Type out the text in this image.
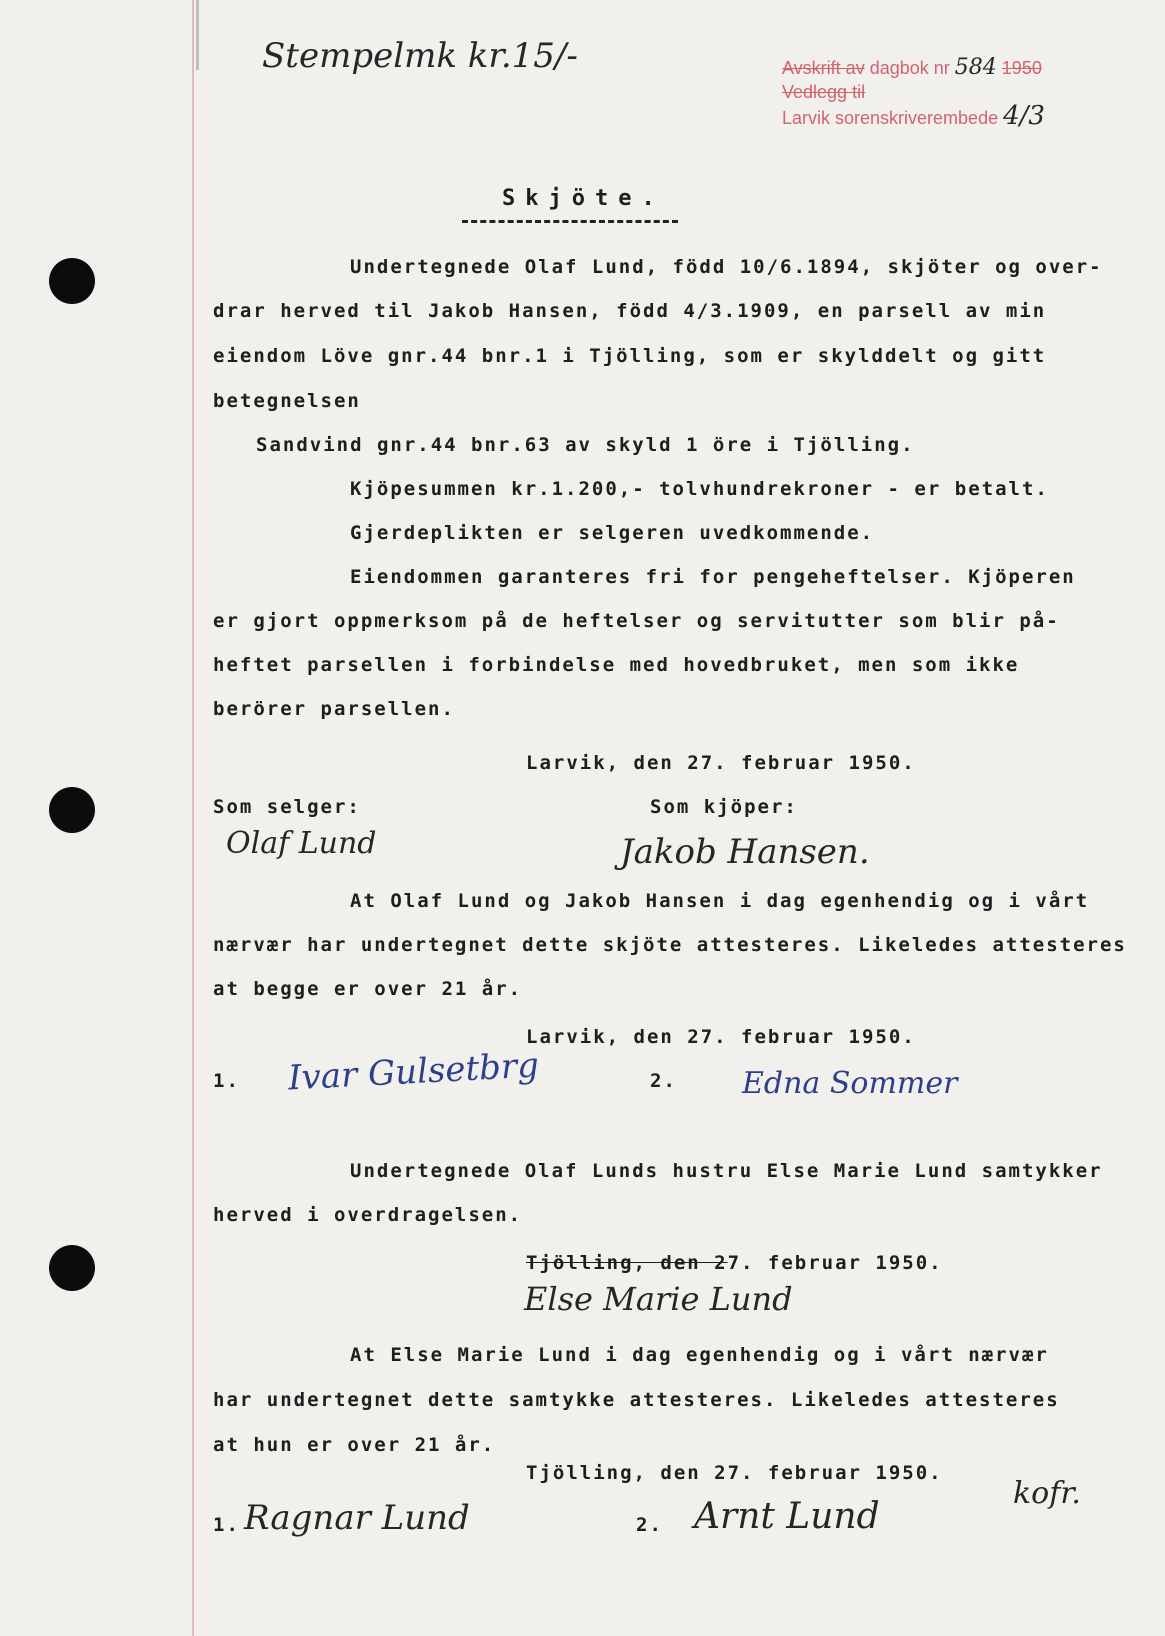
Stempelmk kr.15/-	Avskrift av dagbok nr 584 1950
Vedlegg til
Larvik sorenskriverembede 4/3
Skjöte.
Undertegnede Olaf Lund, född 10/6.1894, skjöter og over-
drar herved til Jakob Hansen, född 4/3.1909, en parsell av min
eiendom Löve gnr.44 bnr.1 i Tjölling, som er skylddelt og gitt
betegnelsen
Sandvind gnr.44 bnr.63 av skyld 1 öre i Tjölling.
Kjöpesummen kr.1.200,- tolvhundrekroner - er betalt.
Gjerdeplikten er selgeren uvedkommende.
Eiendommen garanteres fri for pengeheftelser. Kjöperen
er gjort oppmerksom på de heftelser og servitutter som blir på-
heftet parsellen i forbindelse med hovedbruket, men som ikke
berörer parsellen.
Larvik, den 27. februar 1950.
Som selger:	Som kjöper:
Olaf Lund	Jakob Hansen.
At Olaf Lund og Jakob Hansen i dag egenhendig og i vårt
nærvær har undertegnet dette skjöte attesteres. Likeledes attesteres
at begge er over 21 år.
Larvik, den 27. februar 1950.
1. Ivar Gulsetbrg	2. Edna Sommer
Undertegnede Olaf Lunds hustru Else Marie Lund samtykker
herved i overdragelsen.
Tjölling, den 27. februar 1950.
Else Marie Lund
At Else Marie Lund i dag egenhendig og i vårt nærvær
har undertegnet dette samtykke attesteres. Likeledes attesteres
at hun er over 21 år.
Tjölling, den 27. februar 1950.
1. Ragnar Lund	2. Arnt Lund
kofr.
